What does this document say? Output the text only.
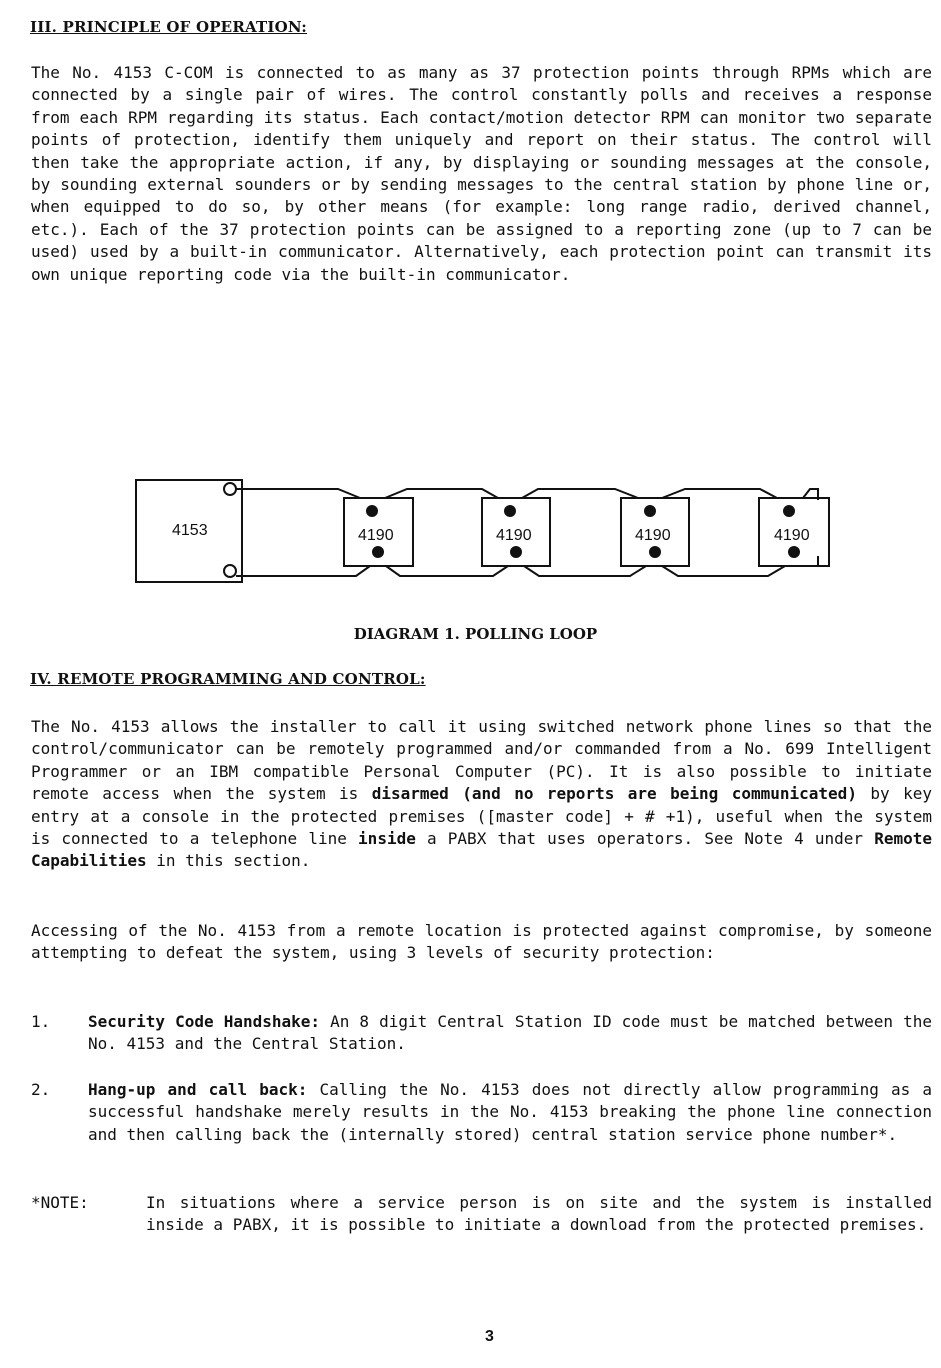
III. PRINCIPLE OF OPERATION:
The No. 4153 C-COM is connected to as many as 37 protection points through RPMs which are connected by a single pair of wires. The control constantly polls and receives a response from each RPM regarding its status. Each contact/motion detector RPM can monitor two separate points of protection, identify them uniquely and report on their status. The control will then take the appropriate action, if any, by displaying or sounding messages at the console, by sounding external sounders or by sending messages to the central station by phone line or, when equipped to do so, by other means (for example: long range radio, derived channel, etc.). Each of the 37 protection points can be assigned to a reporting zone (up to 7 can be used) used by a built-in communicator. Alternatively, each protection point can transmit its own unique reporting code via the built-in communicator.
4153	4190	4190	4190	4190
DIAGRAM 1. POLLING LOOP
IV. REMOTE PROGRAMMING AND CONTROL:
The No. 4153 allows the installer to call it using switched network phone lines so that the control/communicator can be remotely programmed and/or commanded from a No. 699 Intelligent Programmer or an IBM compatible Personal Computer (PC). It is also possible to initiate remote access when the system is disarmed (and no reports are being communicated) by key entry at a console in the protected premises ([master code] + # +1), useful when the system is connected to a telephone line inside a PABX that uses operators. See Note 4 under Remote Capabilities in this section.
Accessing of the No. 4153 from a remote location is protected against compromise, by someone attempting to defeat the system, using 3 levels of security protection:
1. Security Code Handshake: An 8 digit Central Station ID code must be matched between the No. 4153 and the Central Station.
2. Hang-up and call back: Calling the No. 4153 does not directly allow programming as a successful handshake merely results in the No. 4153 breaking the phone line connection and then calling back the (internally stored) central station service phone number*.
*NOTE:	In situations where a service person is on site and the system is installed inside a PABX, it is possible to initiate a download from the protected premises.
3
